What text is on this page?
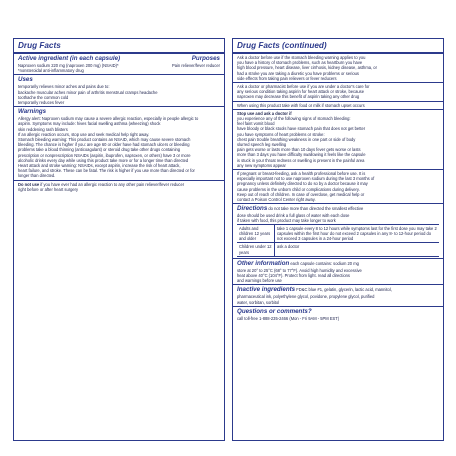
Drug Facts
Active ingredient (in each capsule)	Purposes
Naproxen sodium 220 mg (naproxen 200 mg) (NSAID)*	Pain reliever/fever reducer
*nonsteroidal anti-inflammatory drug
Uses
temporarily relieves minor aches and pains due to:
backache muscular aches minor pain of arthritis menstrual cramps headache
toothache the common cold
temporarily reduces fever
Warnings
Allergy alert: Naproxen sodium may cause a severe allergic reaction, especially in people allergic to
aspirin. Symptoms may include: hives facial swelling asthma (wheezing) shock
skin reddening rash blisters
If an allergic reaction occurs, stop use and seek medical help right away.
Stomach bleeding warning: This product contains an NSAID, which may cause severe stomach
bleeding. The chance is higher if you: are age 60 or older have had stomach ulcers or bleeding
problems take a blood thinning (anticoagulant) or steroid drug take other drugs containing
prescription or nonprescription NSAIDs (aspirin, ibuprofen, naproxen, or others) have 3 or more
alcoholic drinks every day while using this product take more or for a longer time than directed
Heart attack and stroke warning: NSAIDs, except aspirin, increase the risk of heart attack,
heart failure, and stroke. These can be fatal. The risk is higher if you use more than directed or for
longer than directed.
Do not use if you have ever had an allergic reaction to any other pain reliever/fever reducer
right before or after heart surgery
Drug Facts (continued)
Ask a doctor before use if the stomach bleeding warning applies to you
you have a history of stomach problems, such as heartburn you have
high blood pressure, heart disease, liver cirrhosis, kidney disease, asthma, or
had a stroke you are taking a diuretic you have problems or serious
side effects from taking pain relievers or fever reducers
Ask a doctor or pharmacist before use if you are under a doctor's care for
any serious condition taking aspirin for heart attack or stroke, because
naproxen may decrease this benefit of aspirin taking any other drug
When using this product take with food or milk if stomach upset occurs
Stop use and ask a doctor if
you experience any of the following signs of stomach bleeding:
feel faint vomit blood
have bloody or black stools have stomach pain that does not get better
you have symptoms of heart problems or stroke:
chest pain trouble breathing weakness in one part or side of body
slurred speech leg swelling
pain gets worse or lasts more than 10 days fever gets worse or lasts
more than 3 days you have difficulty swallowing it feels like the capsule
is stuck in your throat redness or swelling is present in the painful area
any new symptoms appear
If pregnant or breast-feeding, ask a health professional before use. It is
especially important not to use naproxen sodium during the last 3 months of
pregnancy unless definitely directed to do so by a doctor because it may
cause problems in the unborn child or complications during delivery.
Keep out of reach of children. In case of overdose, get medical help or
contact a Poison Control Center right away.
Directions do not take more than directed the smallest effective
dose should be used drink a full glass of water with each dose
if taken with food, this product may take longer to work
Adults and children 12 years and older
take 1 capsule every 8 to 12 hours while symptoms last for the first dose you may take 2 capsules within the first hour do not exceed 2 capsules in any 8- to 12-hour period do not exceed 3 capsules in a 24-hour period
Children under 12 years
ask a doctor
Other information each capsule contains: sodium 20 mg
store at 20° to 25°C (68° to 77°F). Avoid high humidity and excessive
heat above 40°C (104°F). Protect from light. read all directions
and warnings before use
Inactive ingredients FD&C blue #1, gelatin, glycerin, lactic acid, mannitol,
pharmaceutical ink, polyethylene glycol, povidone, propylene glycol, purified
water, sorbitan, sorbitol
Questions or comments?
call toll-free 1-888-235-2466 (Mon - Fri 9AM - 5PM EST)
